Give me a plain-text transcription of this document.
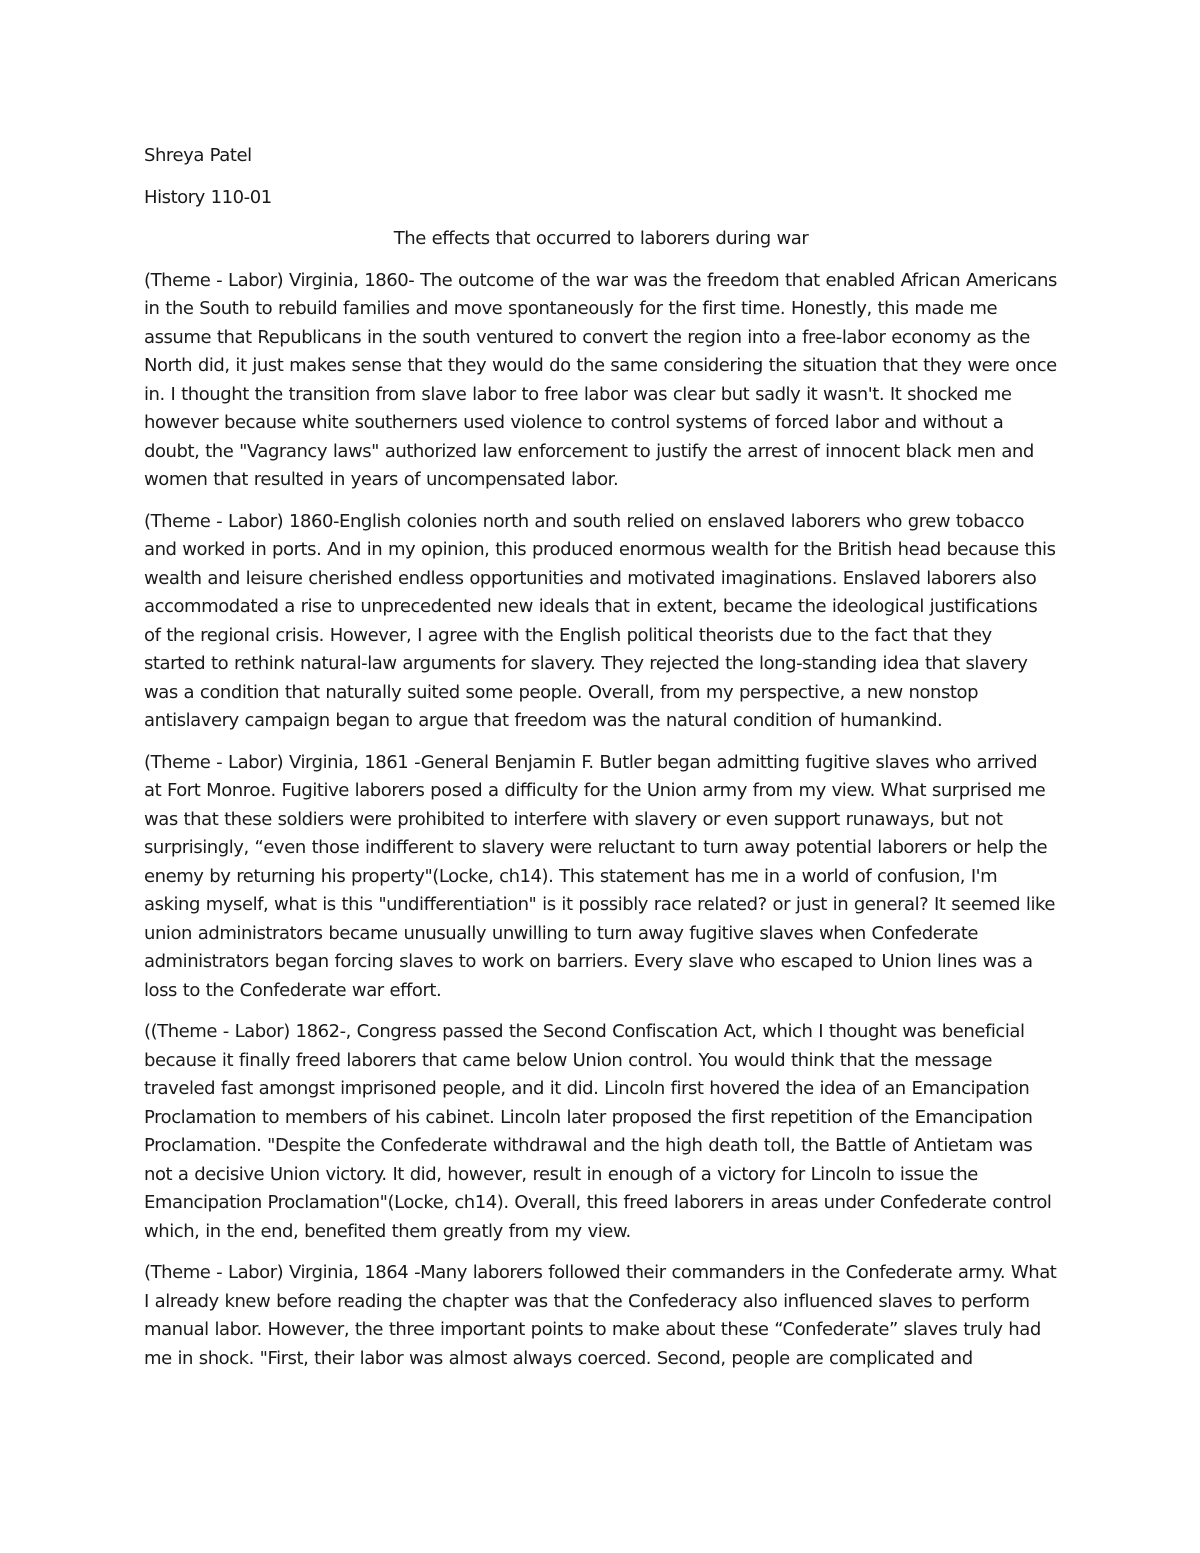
Shreya Patel
History 110-01
The effects that occurred to laborers during war

(Theme - Labor) Virginia, 1860- The outcome of the war was the freedom that enabled African Americans in the South to rebuild families and move spontaneously for the first time. Honestly, this made me assume that Republicans in the south ventured to convert the region into a free-labor economy as the North did, it just makes sense that they would do the same considering the situation that they were once in. I thought the transition from slave labor to free labor was clear but sadly it wasn't. It shocked me however because white southerners used violence to control systems of forced labor and without a doubt, the "Vagrancy laws" authorized law enforcement to justify the arrest of innocent black men and women that resulted in years of uncompensated labor.

(Theme - Labor) 1860-English colonies north and south relied on enslaved laborers who grew tobacco and worked in ports. And in my opinion, this produced enormous wealth for the British head because this wealth and leisure cherished endless opportunities and motivated imaginations. Enslaved laborers also accommodated a rise to unprecedented new ideals that in extent, became the ideological justifications of the regional crisis. However, I agree with the English political theorists due to the fact that they started to rethink natural-law arguments for slavery. They rejected the long-standing idea that slavery was a condition that naturally suited some people. Overall, from my perspective, a new nonstop antislavery campaign began to argue that freedom was the natural condition of humankind.

(Theme - Labor) Virginia, 1861 -General Benjamin F. Butler began admitting fugitive slaves who arrived at Fort Monroe. Fugitive laborers posed a difficulty for the Union army from my view. What surprised me was that these soldiers were prohibited to interfere with slavery or even support runaways, but not surprisingly, “even those indifferent to slavery were reluctant to turn away potential laborers or help the enemy by returning his property"(Locke, ch14). This statement has me in a world of confusion, I'm asking myself, what is this "undifferentiation" is it possibly race related? or just in general? It seemed like union administrators became unusually unwilling to turn away fugitive slaves when Confederate administrators began forcing slaves to work on barriers. Every slave who escaped to Union lines was a loss to the Confederate war effort.

((Theme - Labor) 1862-, Congress passed the Second Confiscation Act, which I thought was beneficial because it finally freed laborers that came below Union control. You would think that the message traveled fast amongst imprisoned people, and it did. Lincoln first hovered the idea of an Emancipation Proclamation to members of his cabinet. Lincoln later proposed the first repetition of the Emancipation Proclamation. "Despite the Confederate withdrawal and the high death toll, the Battle of Antietam was not a decisive Union victory. It did, however, result in enough of a victory for Lincoln to issue the Emancipation Proclamation"(Locke, ch14). Overall, this freed laborers in areas under Confederate control which, in the end, benefited them greatly from my view.

(Theme - Labor) Virginia, 1864 -Many laborers followed their commanders in the Confederate army. What I already knew before reading the chapter was that the Confederacy also influenced slaves to perform manual labor. However, the three important points to make about these “Confederate” slaves truly had me in shock. "First, their labor was almost always coerced. Second, people are complicated and
